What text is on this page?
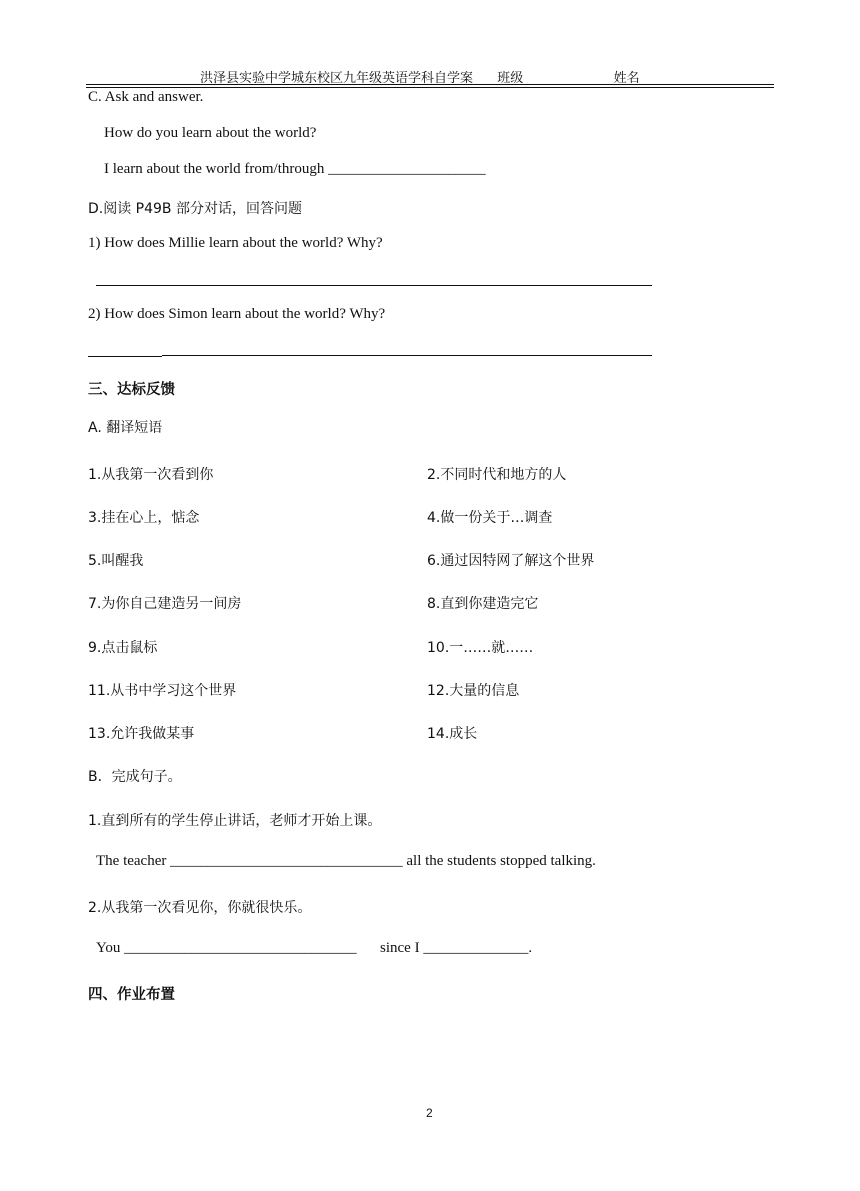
洪泽县实验中学城东校区九年级英语学科自学案 班级____________ 姓名_______________
C. Ask and answer.
How do you learn about the world?
I learn about the world from/through _____________________
D.阅读 P49B 部分对话，回答问题
1) How does Millie learn about the world? Why?
2) How does Simon learn about the world? Why?
三、达标反馈
A. 翻译短语
1.从我第一次看到你	2.不同时代和地方的人
3.挂在心上，惦念	4.做一份关于…调查
5.叫醒我	6.通过因特网了解这个世界
7.为你自己建造另一间房	8.直到你建造完它
9.点击鼠标	10.一……就……
11.从书中学习这个世界	12.大量的信息
13.允许我做某事	14.成长
B．完成句子。
1.直到所有的学生停止讲话，老师才开始上课。
The teacher _______________________________ all the students stopped talking.
2.从我第一次看见你，你就很快乐。
You _______________________________ since I ______________.
四、作业布置
2
